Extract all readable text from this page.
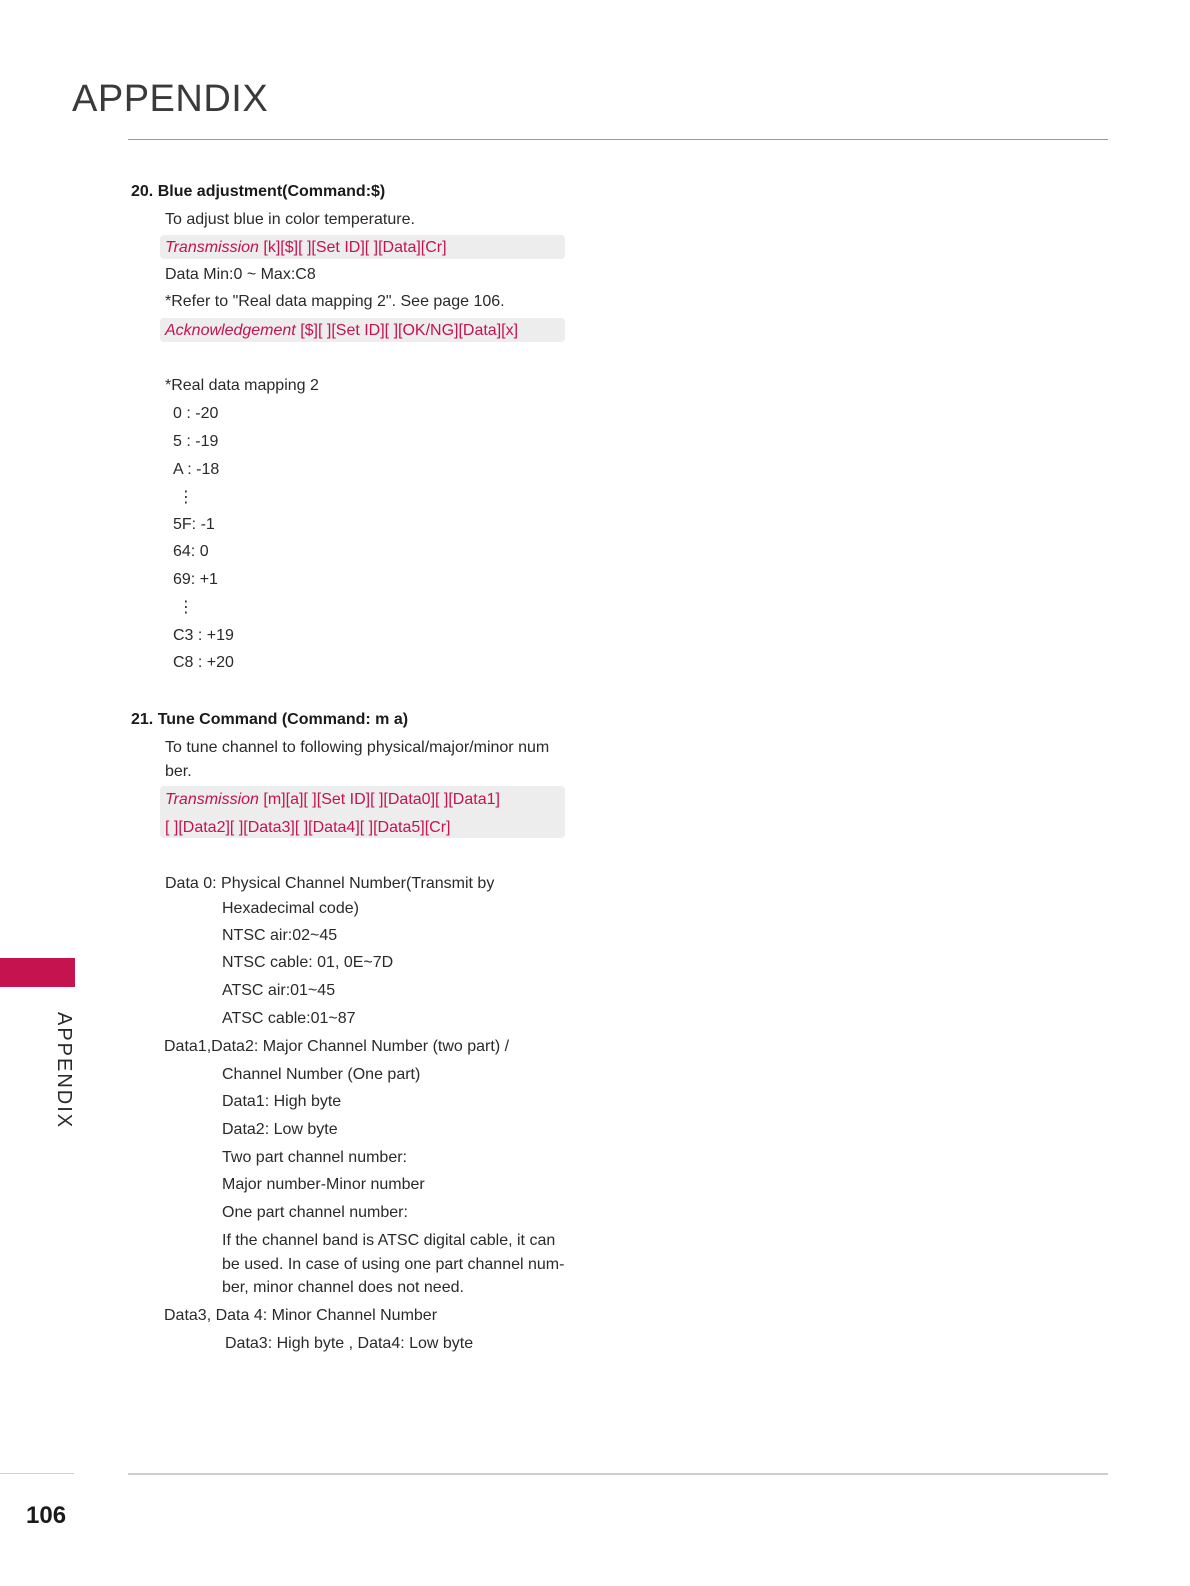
APPENDIX
20. Blue adjustment(Command:$)
To adjust blue in color temperature.
Transmission [k][$][ ][Set ID][ ][Data][Cr]
Data Min:0 ~ Max:C8
*Refer to "Real data mapping 2". See page 106.
Acknowledgement [$][ ][Set ID][ ][OK/NG][Data][x]
*Real data mapping 2
0 : -20
5 : -19
A : -18
⋮
5F: -1
64: 0
69: +1
⋮
C3 : +19
C8 : +20
21. Tune Command (Command: m a)
To tune channel to following physical/major/minor num
ber.
Transmission [m][a][ ][Set ID][ ][Data0][ ][Data1]
[ ][Data2][ ][Data3][ ][Data4][ ][Data5][Cr]
Data 0: Physical Channel Number(Transmit by
Hexadecimal code)
NTSC air:02~45
NTSC cable: 01, 0E~7D
ATSC air:01~45
ATSC cable:01~87
Data1,Data2: Major Channel Number (two part) /
Channel Number (One part)
Data1: High byte
Data2: Low byte
Two part channel number:
Major number-Minor number
One part channel number:
If the channel band is ATSC digital cable, it can
be used. In case of using one part channel num-
ber, minor channel does not need.
Data3, Data 4: Minor Channel Number
Data3: High byte , Data4: Low byte
APPENDIX
106
